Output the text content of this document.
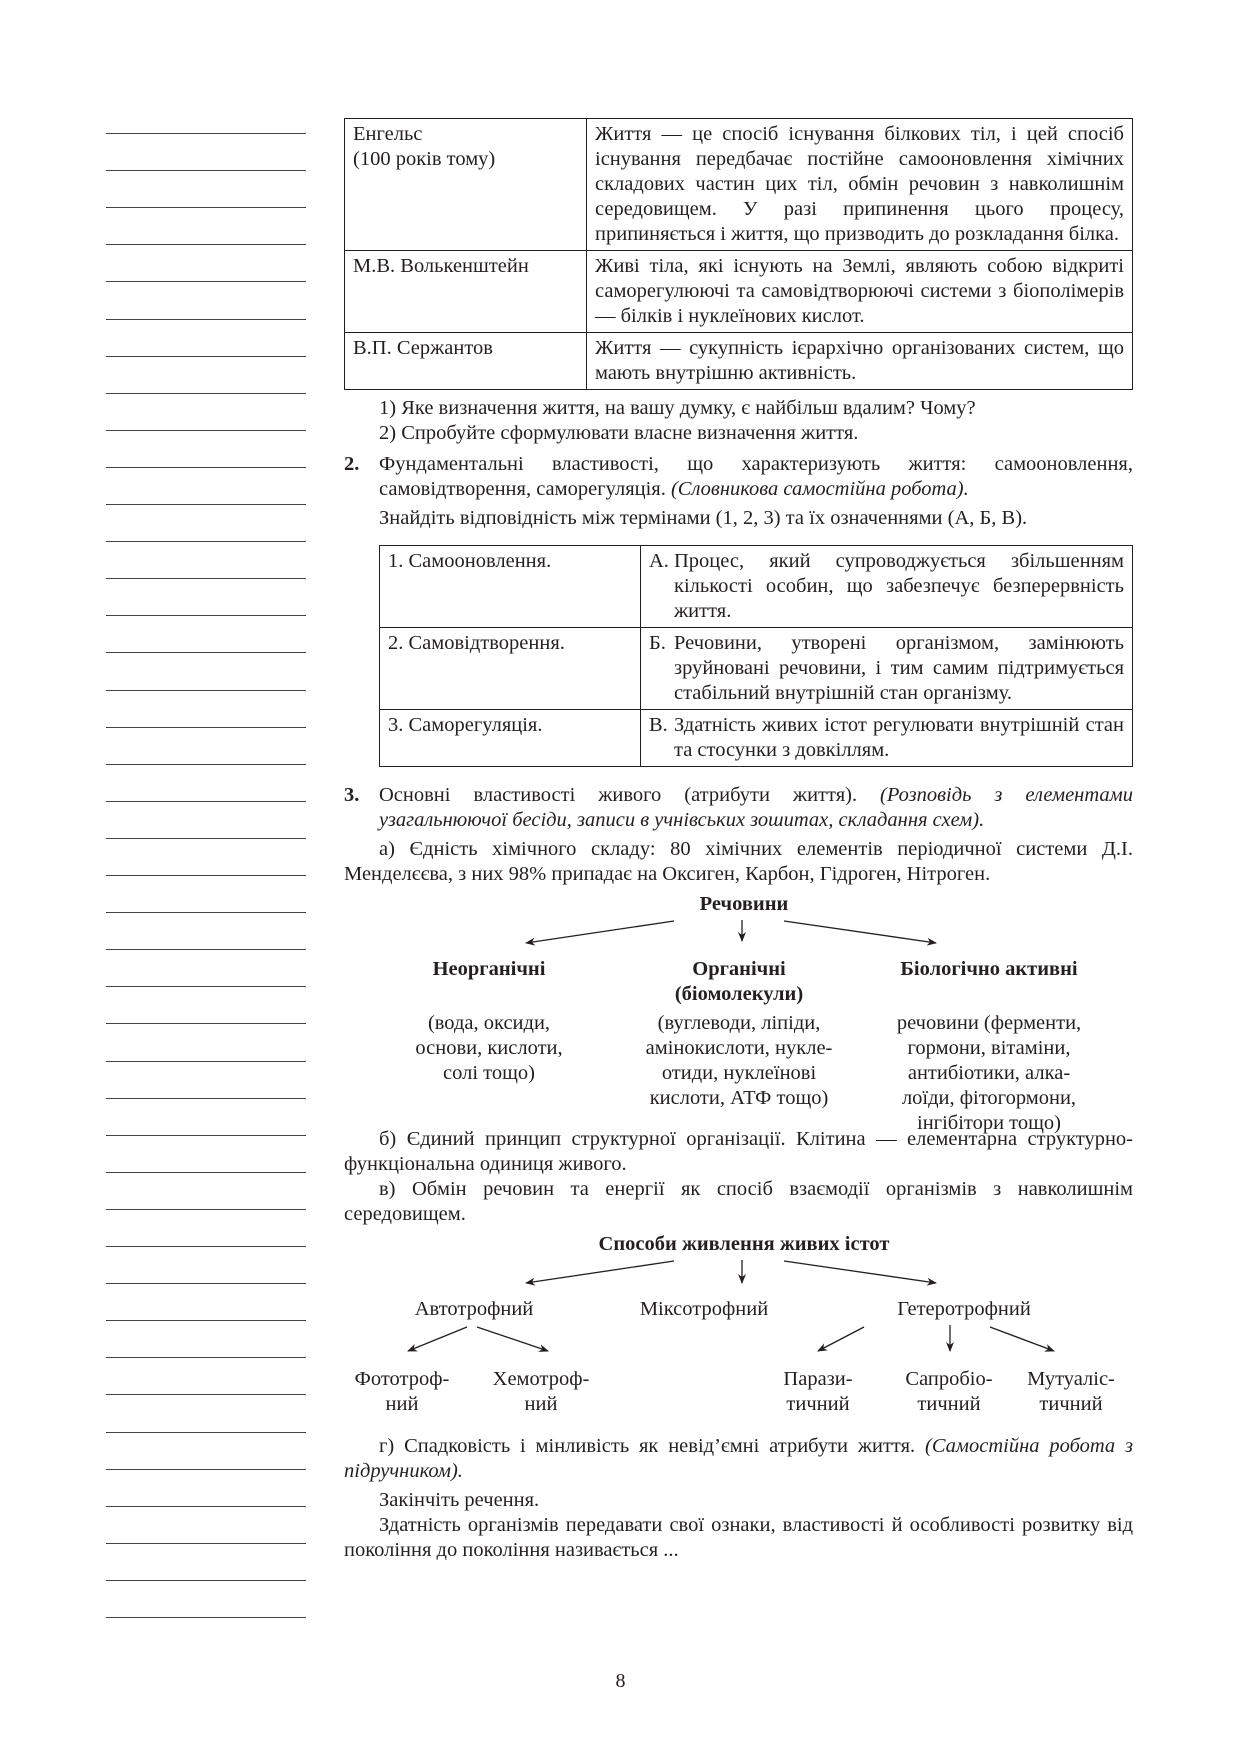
Енгельс
(100 років тому)	Життя — це спосіб існування білкових тіл, і цей спосіб існування передбачає постійне самооновлення хімічних складових частин цих тіл, обмін речовин з навколишнім середовищем. У разі припинення цього процесу, припиняється і життя, що призводить до розкладання білка.
М.В. Волькенштейн	Живі тіла, які існують на Землі, являють собою відкриті саморегулюючі та самовідтворюючі системи з біополімерів — білків і нуклеїнових кислот.
В.П. Сержантов	Життя — сукупність ієрархічно організованих систем, що мають внутрішню активність.

1) Яке визначення життя, на вашу думку, є найбільш вдалим? Чому?

2) Спробуйте сформулювати власне визначення життя.

2. Фундаментальні властивості, що характеризують життя: самооновлення, самовідтворення, саморегуляція. (Словникова самостійна робота).

Знайдіть відповідність між термінами (1, 2, 3) та їх означеннями (А, Б, В).

1. Самооновлення.	А. Процес, який супроводжується збільшенням кількості особин, що забезпечує безперервність життя.

2. Самовідтворення.	Б. Речовини, утворені організмом, замінюють зруйновані речовини, і тим самим підтримується стабільний внутрішній стан організму.

3. Саморегуляція.	В. Здатність живих істот регулювати внутрішній стан та стосунки з довкіллям.
3. Основні властивості живого (атрибути життя). (Розповідь з елементами узагальнюючої бесіди, записи в учнівських зошитах, складання схем).

а) Єдність хімічного складу: 80 хімічних елементів періодичної системи Д.І. Менделєєва, з них 98% припадає на Оксиген, Карбон, Гідроген, Нітроген.

Речовини
Неорганічні
(вода, оксиди,
основи, кислоти,
солі тощо)
Органічні
(біомолекули)
(вуглеводи, ліпіди,
амінокислоти, нукле-
отиди, нуклеїнові
кислоти, АТФ тощо)
Біологічно активні
речовини (ферменти,
гормони, вітаміни,
антибіотики, алка-
лоїди, фітогормони,
інгібітори тощо)

б) Єдиний принцип структурної організації. Клітина — елементарна структурно-функціональна одиниця живого.

в) Обмін речовин та енергії як спосіб взаємодії організмів з навколишнім середовищем.

Способи живлення живих істот
Автотрофний	Міксотрофний	Гетеротрофний
Фототроф-
ний
Хемотроф-
ний
Парази-
тичний
Сапробіо-
тичний
Мутуаліс-
тичний

г) Спадковість і мінливість як невід’ємні атрибути життя. (Самостійна робота з підручником).

Закінчіть речення.

Здатність організмів передавати свої ознаки, властивості й особливості розвитку від покоління до покоління називається ...

8
